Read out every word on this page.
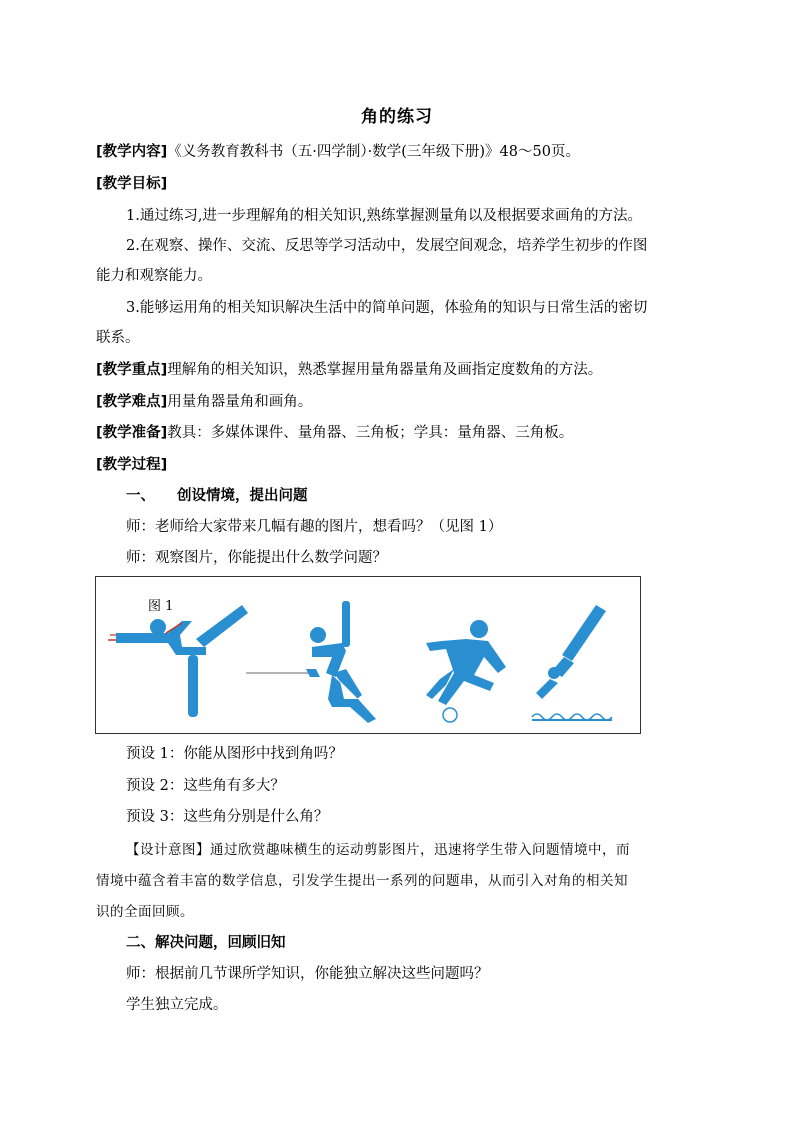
角的练习
[教学内容]《义务教育教科书（五·四学制）·数学(三年级下册)》48～50页。
[教学目标]
1.通过练习,进一步理解角的相关知识,熟练掌握测量角以及根据要求画角的方法。
2.在观察、操作、交流、反思等学习活动中，发展空间观念，培养学生初步的作图
能力和观察能力。
3.能够运用角的相关知识解决生活中的简单问题，体验角的知识与日常生活的密切
联系。
[教学重点]理解角的相关知识，熟悉掌握用量角器量角及画指定度数角的方法。
[教学难点]用量角器量角和画角。
[教学准备]教具：多媒体课件、量角器、三角板；学具：量角器、三角板。
[教学过程]
一、 创设情境，提出问题
师：老师给大家带来几幅有趣的图片，想看吗？（见图 1）
师：观察图片，你能提出什么数学问题？
图 1
预设 1：你能从图形中找到角吗？
预设 2：这些角有多大？
预设 3：这些角分别是什么角？
【设计意图】通过欣赏趣味横生的运动剪影图片，迅速将学生带入问题情境中，而
情境中蕴含着丰富的数学信息，引发学生提出一系列的问题串，从而引入对角的相关知
识的全面回顾。
二、解决问题，回顾旧知
师：根据前几节课所学知识，你能独立解决这些问题吗？
学生独立完成。
